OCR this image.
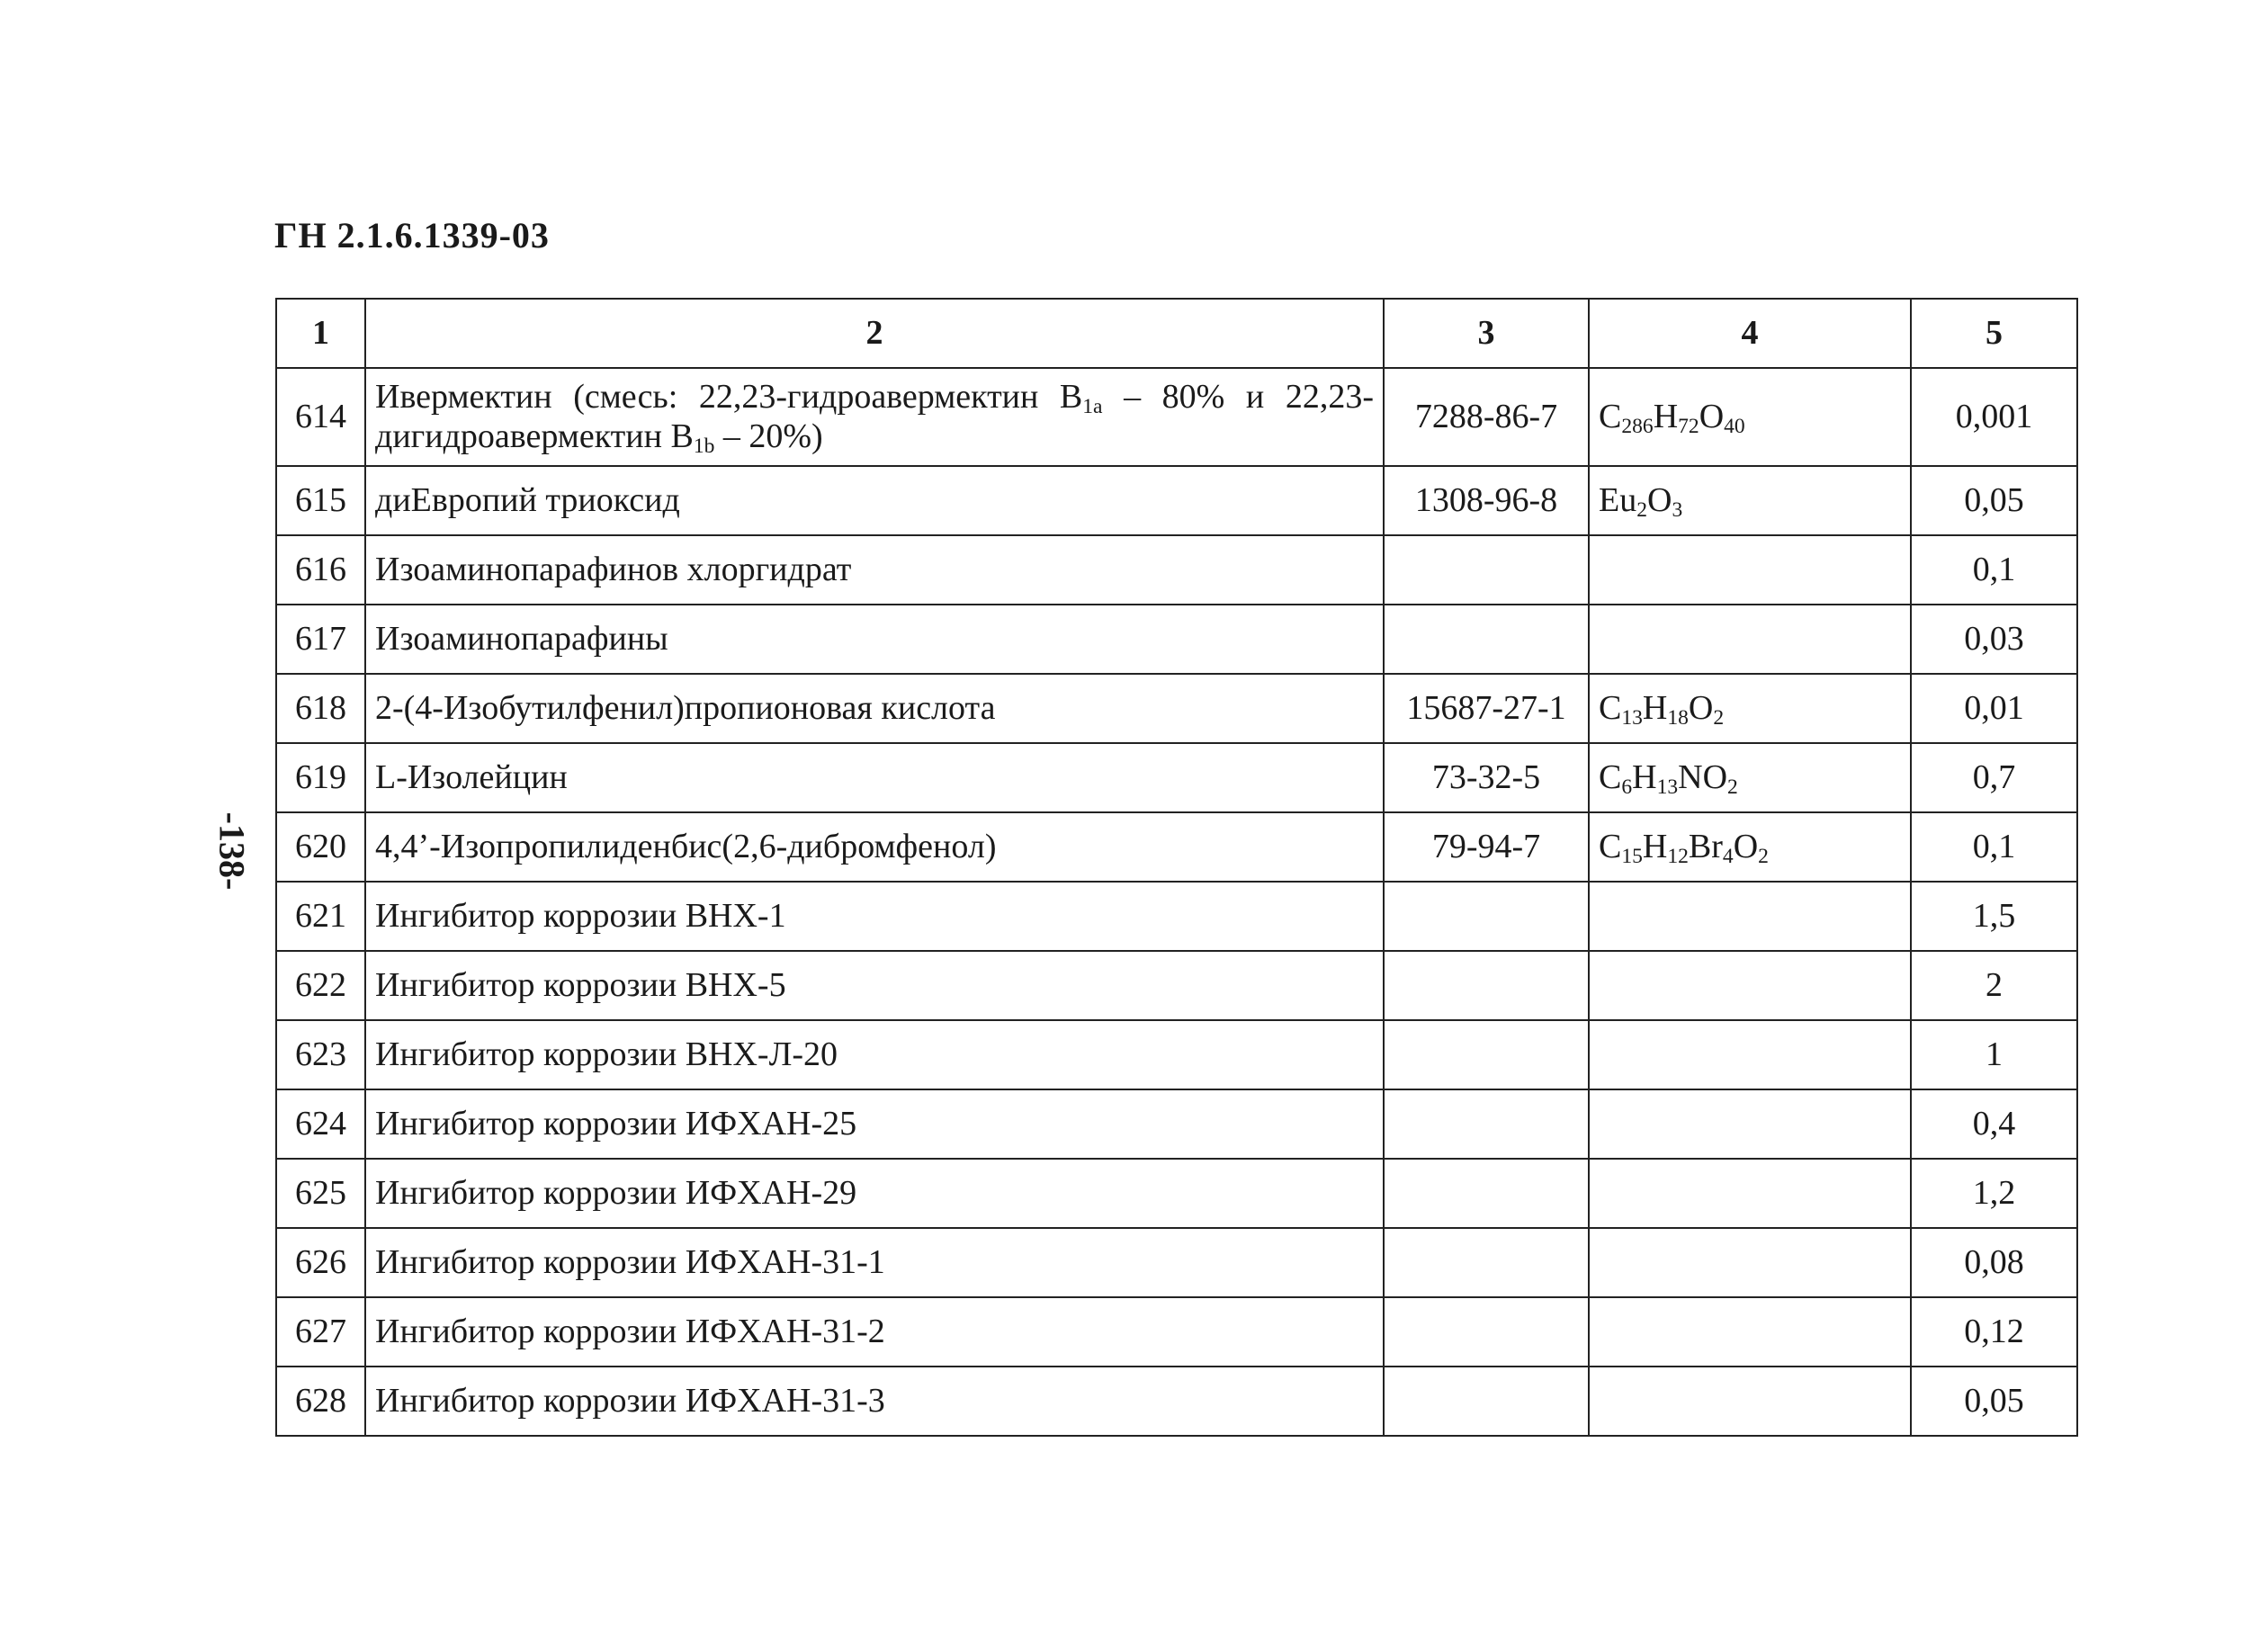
ГН 2.1.6.1339-03
-138-
1	2	3	4	5
614	Ивермектин (смесь: 22,23-гидроавермектин $B_{1a} - 80\%$ и 22,23-дигидроавермектин $B_{1b} - 20\%$)	7288-86-7	$C_{286}H_{72}O_{40}$	0,001
615	диЕвропий триоксид	1308-96-8	$Eu_2O_3$	0,05
616	Изоаминопарафинов хлоргидрат			0,1
617	Изоаминопарафины			0,03
618	2-(4-Изобутилфенил)пропионовая кислота	15687-27-1	$C_{13}H_{18}O_2$	0,01
619	L-Изолейцин	73-32-5	$C_6H_{13}NO_2$	0,7
620	4,4’-Изопропилиденбис(2,6-дибромфенол)	79-94-7	$C_{15}H_{12}Br_4O_2$	0,1
621	Ингибитор коррозии ВНХ-1			1,5
622	Ингибитор коррозии ВНХ-5			2
623	Ингибитор коррозии ВНХ-Л-20			1
624	Ингибитор коррозии ИФХАН-25			0,4
625	Ингибитор коррозии ИФХАН-29			1,2
626	Ингибитор коррозии ИФХАН-31-1			0,08
627	Ингибитор коррозии ИФХАН-31-2			0,12
628	Ингибитор коррозии ИФХАН-31-3			0,05
